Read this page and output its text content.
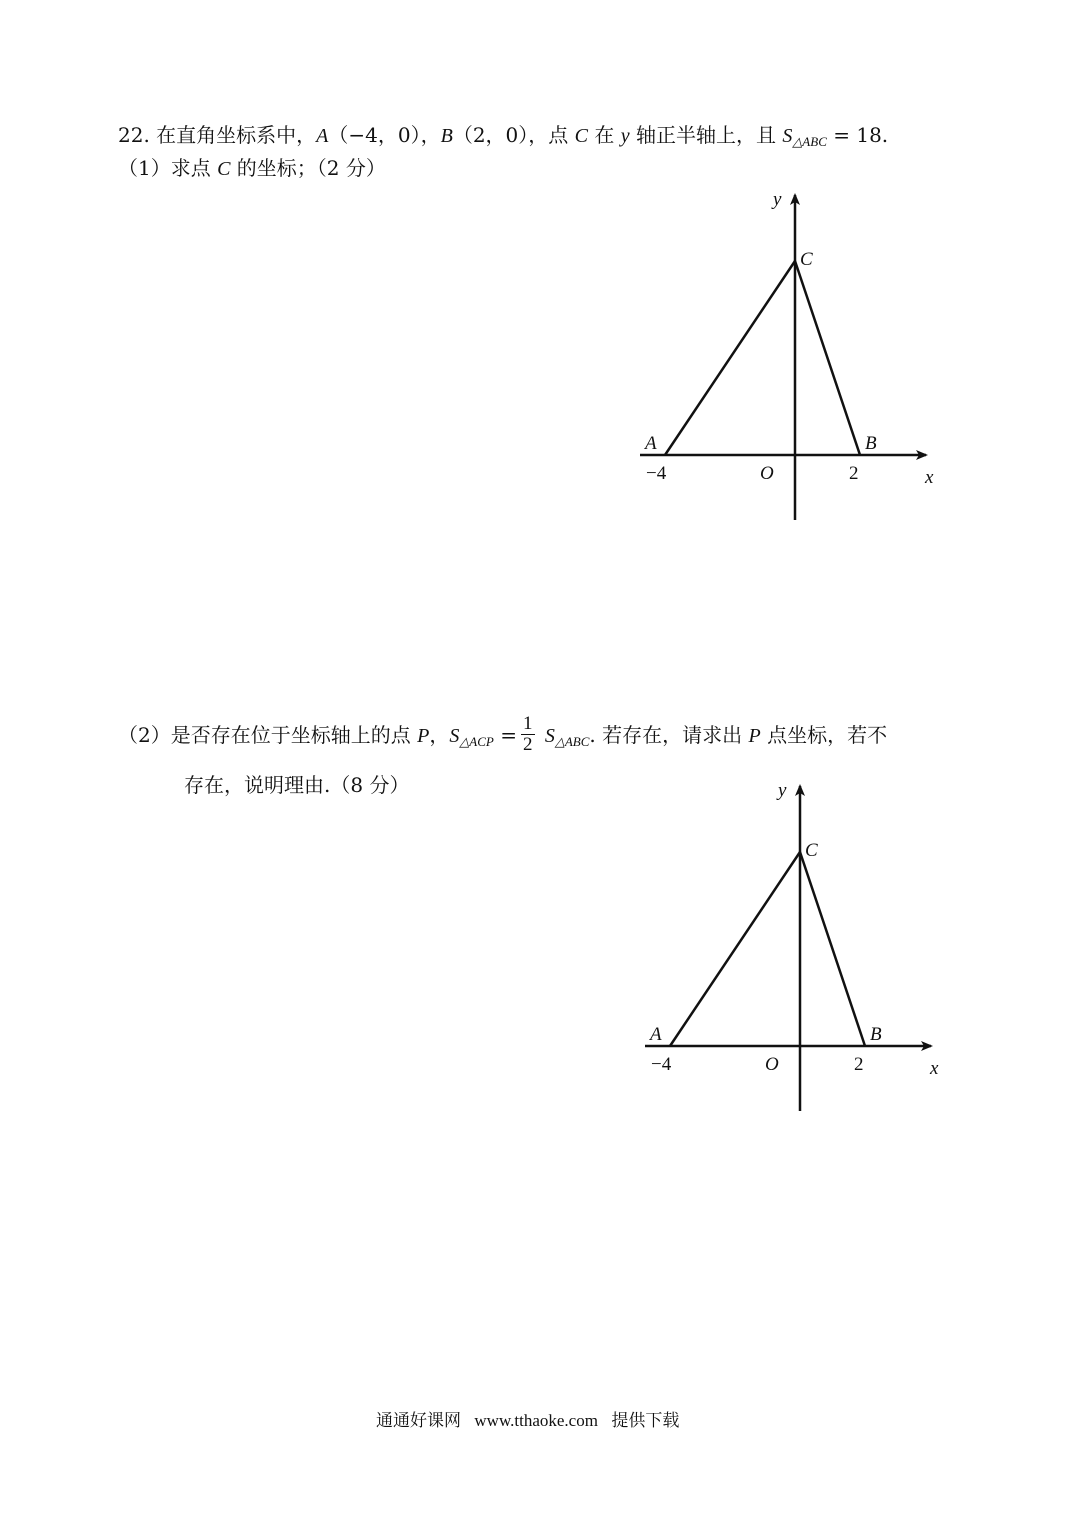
22. 在直角坐标系中，A（−4，0），B（2，0），点 C 在 y 轴正半轴上，且 $S_{\triangle ABC} = 18$.
（1）求点 C 的坐标；（2 分）
y
C
A	B
−4	O	2	x
（2）是否存在位于坐标轴上的点 P，$S_{\triangle ACP} = \frac{1}{2} S_{\triangle ABC}$. 若存在，请求出 P 点坐标，若不
存在，说明理由.（8 分）	y
C
A	B
−4	O	2	x
通通好课网 www.tthaoke.com 提供下载
